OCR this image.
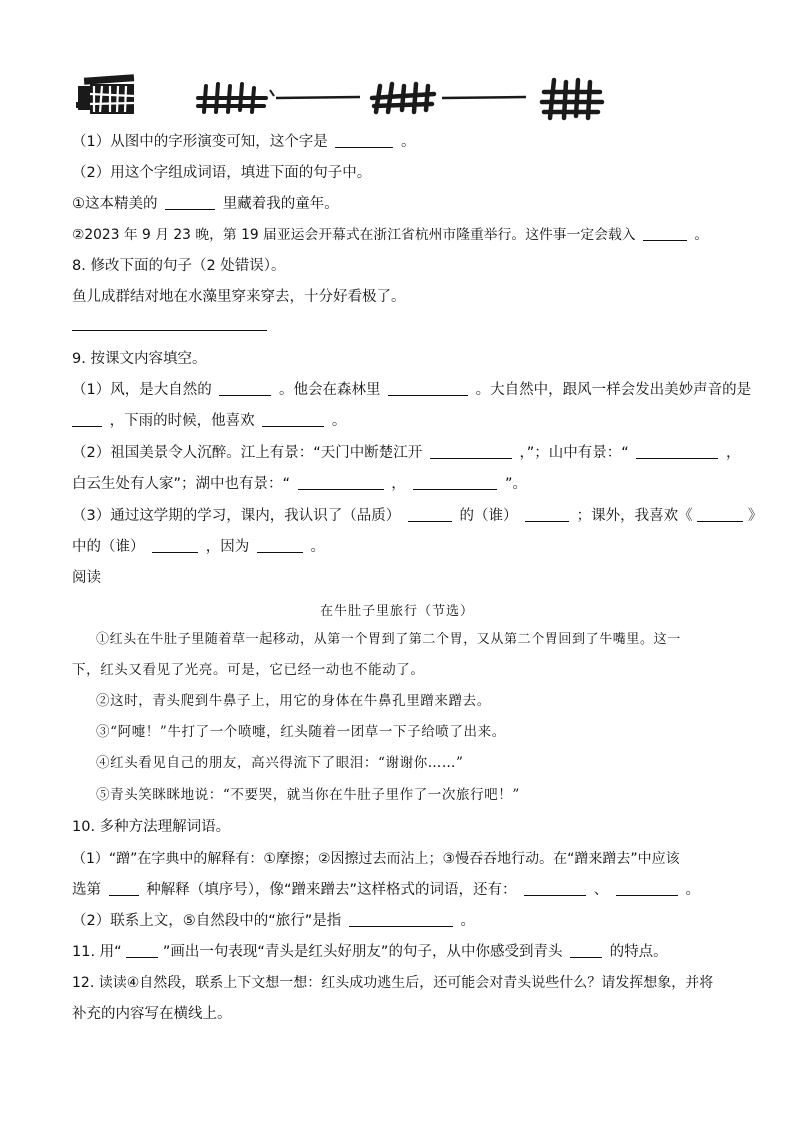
（1）从图中的字形演变可知，这个字是	。
（2）用这个字组成词语，填进下面的句子中。
①这本精美的	里藏着我的童年。
②2023 年 9 月 23 晚，第 19 届亚运会开幕式在浙江省杭州市隆重举行。这件事一定会载入	。
8. 修改下面的句子（2 处错误）。
鱼儿成群结对地在水藻里穿来穿去，十分好看极了。
9. 按课文内容填空。
（1）风，是大自然的	。他会在森林里	。大自然中，跟风一样会发出美妙声音的是
，下雨的时候，他喜欢	。
（2）祖国美景令人沉醉。江上有景：“天门中断楚江开	，”；山中有景：“	，
白云生处有人家”；湖中也有景：“	，	”。
（3）通过这学期的学习，课内，我认识了（品质）	的（谁）	；课外，我喜欢《	》
中的（谁）	，因为	。
阅读
在牛肚子里旅行（节选）
①红头在牛肚子里随着草一起移动，从第一个胃到了第二个胃，又从第二个胃回到了牛嘴里。这一
下，红头又看见了光亮。可是，它已经一动也不能动了。
②这时，青头爬到牛鼻子上，用它的身体在牛鼻孔里蹭来蹭去。
③“阿嚏！”牛打了一个喷嚏，红头随着一团草一下子给喷了出来。
④红头看见自己的朋友，高兴得流下了眼泪：“谢谢你……”
⑤青头笑眯眯地说：“不要哭，就当你在牛肚子里作了一次旅行吧！”
10. 多种方法理解词语。
（1）“蹭”在字典中的解释有：①摩擦；②因擦过去而沾上；③慢吞吞地行动。在“蹭来蹭去”中应该
选第	种解释（填序号），像“蹭来蹭去”这样格式的词语，还有：	、	。
（2）联系上文，⑤自然段中的“旅行”是指	。
11. 用“	”画出一句表现“青头是红头好朋友”的句子，从中你感受到青头	的特点。
12. 读读④自然段，联系上下文想一想：红头成功逃生后，还可能会对青头说些什么？请发挥想象，并将
补充的内容写在横线上。
